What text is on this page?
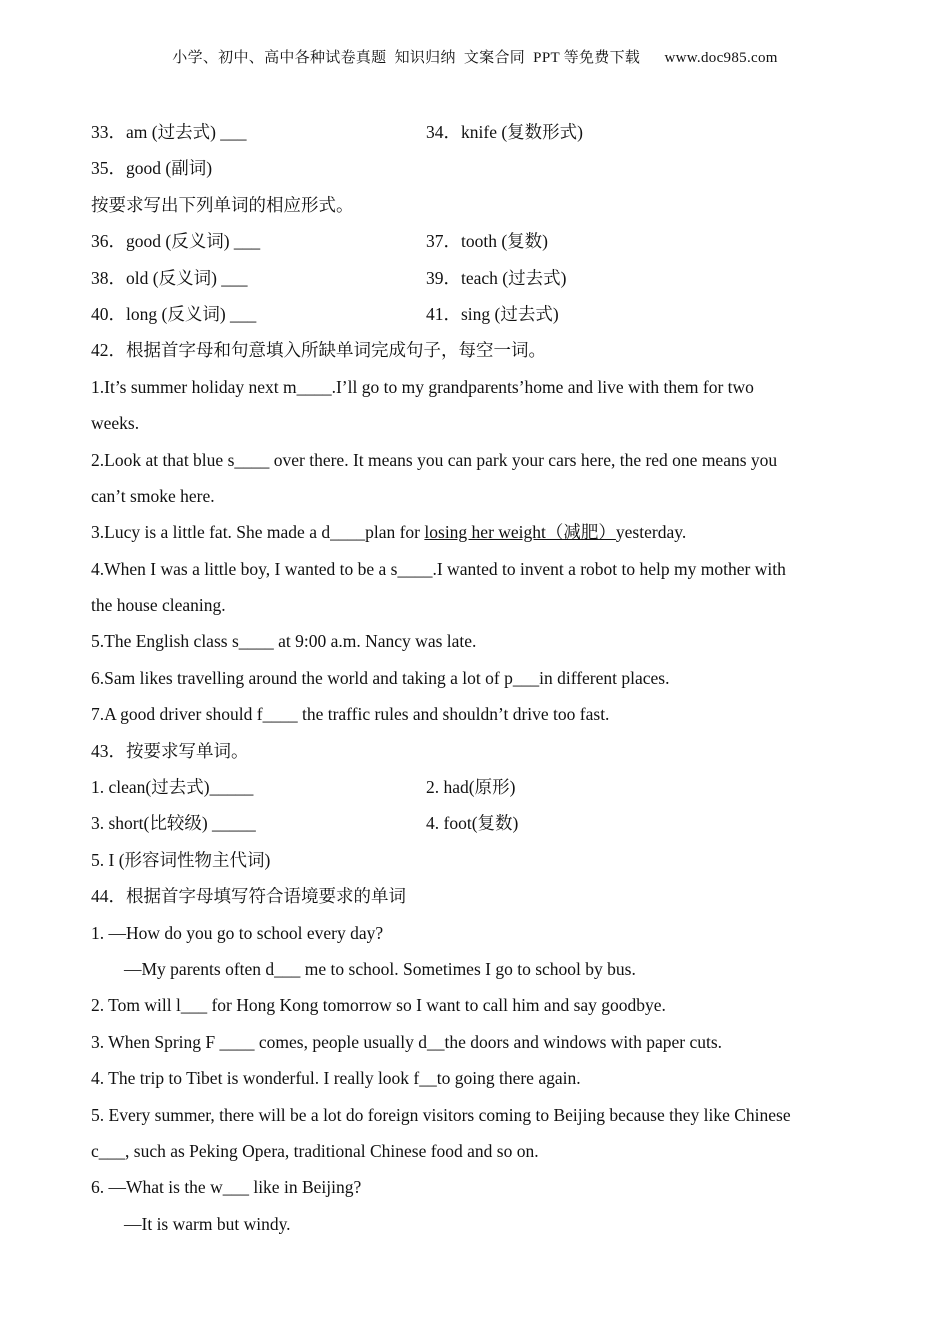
小学、初中、高中各种试卷真题  知识归纳  文案合同  PPT 等免费下载      www.doc985.com
33．am (过去式) ___	34．knife (复数形式)
35．good (副词)
按要求写出下列单词的相应形式。
36．good (反义词) ___	37．tooth (复数)
38．old (反义词) ___	39．teach (过去式)
40．long (反义词) ___	41．sing (过去式)
42．根据首字母和句意填入所缺单词完成句子，每空一词。
1.It’s summer holiday next m____.I’ll go to my grandparents’home and live with them for two
weeks.
2.Look at that blue s____ over there. It means you can park your cars here, the red one means you
can’t smoke here.
3.Lucy is a little fat. She made a d____plan for losing her weight（减肥）yesterday.
4.When I was a little boy, I wanted to be a s____.I wanted to invent a robot to help my mother with
the house cleaning.
5.The English class s____ at 9:00 a.m. Nancy was late.
6.Sam likes travelling around the world and taking a lot of p___in different places.
7.A good driver should f____ the traffic rules and shouldn’t drive too fast.
43．按要求写单词。
1. clean(过去式)_____	2. had(原形)
3. short(比较级) _____	4. foot(复数)
5. I (形容词性物主代词)
44．根据首字母填写符合语境要求的单词
1. —How do you go to school every day?
—My parents often d___ me to school. Sometimes I go to school by bus.
2. Tom will l___ for Hong Kong tomorrow so I want to call him and say goodbye.
3. When Spring F ____ comes, people usually d__the doors and windows with paper cuts.
4. The trip to Tibet is wonderful. I really look f__to going there again.
5. Every summer, there will be a lot do foreign visitors coming to Beijing because they like Chinese
c___, such as Peking Opera, traditional Chinese food and so on.
6. —What is the w___ like in Beijing?
—It is warm but windy.
